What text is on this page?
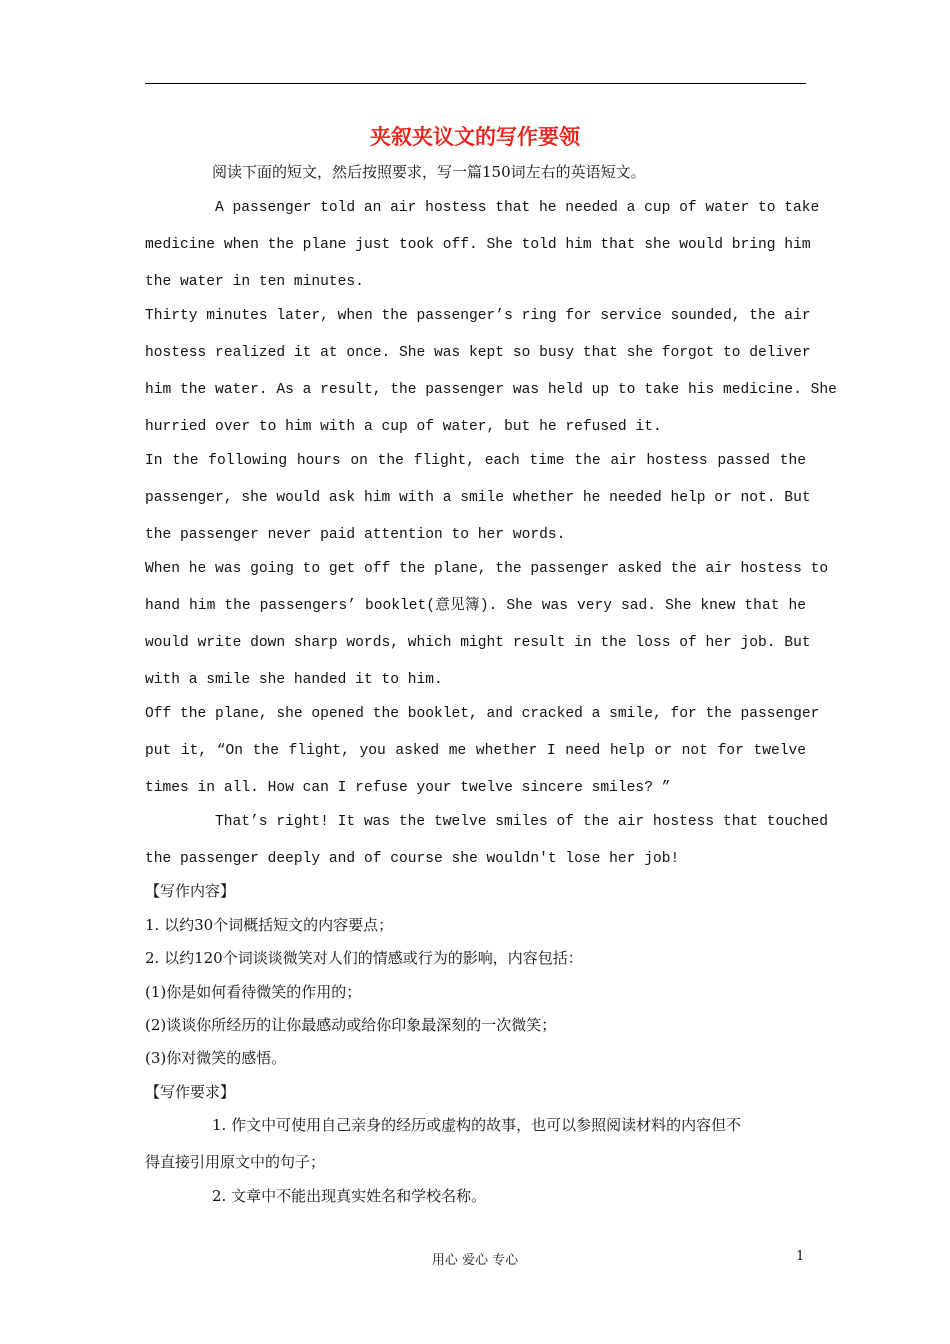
夹叙夹议文的写作要领
阅读下面的短文，然后按照要求，写一篇150词左右的英语短文。
A passenger told an air hostess that he needed a cup of water to take
medicine when the plane just took off. She told him that she would bring him
the water in ten minutes.
Thirty minutes later, when the passenger’s ring for service sounded, the air
hostess realized it at once. She was kept so busy that she forgot to deliver
him the water. As a result, the passenger was held up to take his medicine. She
hurried over to him with a cup of water, but he refused it.
In the following hours on the flight, each time the air hostess passed the
passenger, she would ask him with a smile whether he needed help or not. But
the passenger never paid attention to her words.
When he was going to get off the plane, the passenger asked the air hostess to
hand him the passengers’ booklet(意见簿). She was very sad. She knew that he
would write down sharp words, which might result in the loss of her job. But
with a smile she handed it to him.
Off the plane, she opened the booklet, and cracked a smile, for the passenger
put it, “On the flight, you asked me whether I need help or not for twelve
times in all. How can I refuse your twelve sincere smiles? ”
That’s right! It was the twelve smiles of the air hostess that touched
the passenger deeply and of course she wouldn't lose her job!
【写作内容】
1. 以约30个词概括短文的内容要点；
2. 以约120个词谈谈微笑对人们的情感或行为的影响，内容包括：
(1)你是如何看待微笑的作用的；
(2)谈谈你所经历的让你最感动或给你印象最深刻的一次微笑；
(3)你对微笑的感悟。
【写作要求】
1. 作文中可使用自己亲身的经历或虚构的故事，也可以参照阅读材料的内容但不
得直接引用原文中的句子；
2. 文章中不能出现真实姓名和学校名称。
用心 爱心 专心	1
